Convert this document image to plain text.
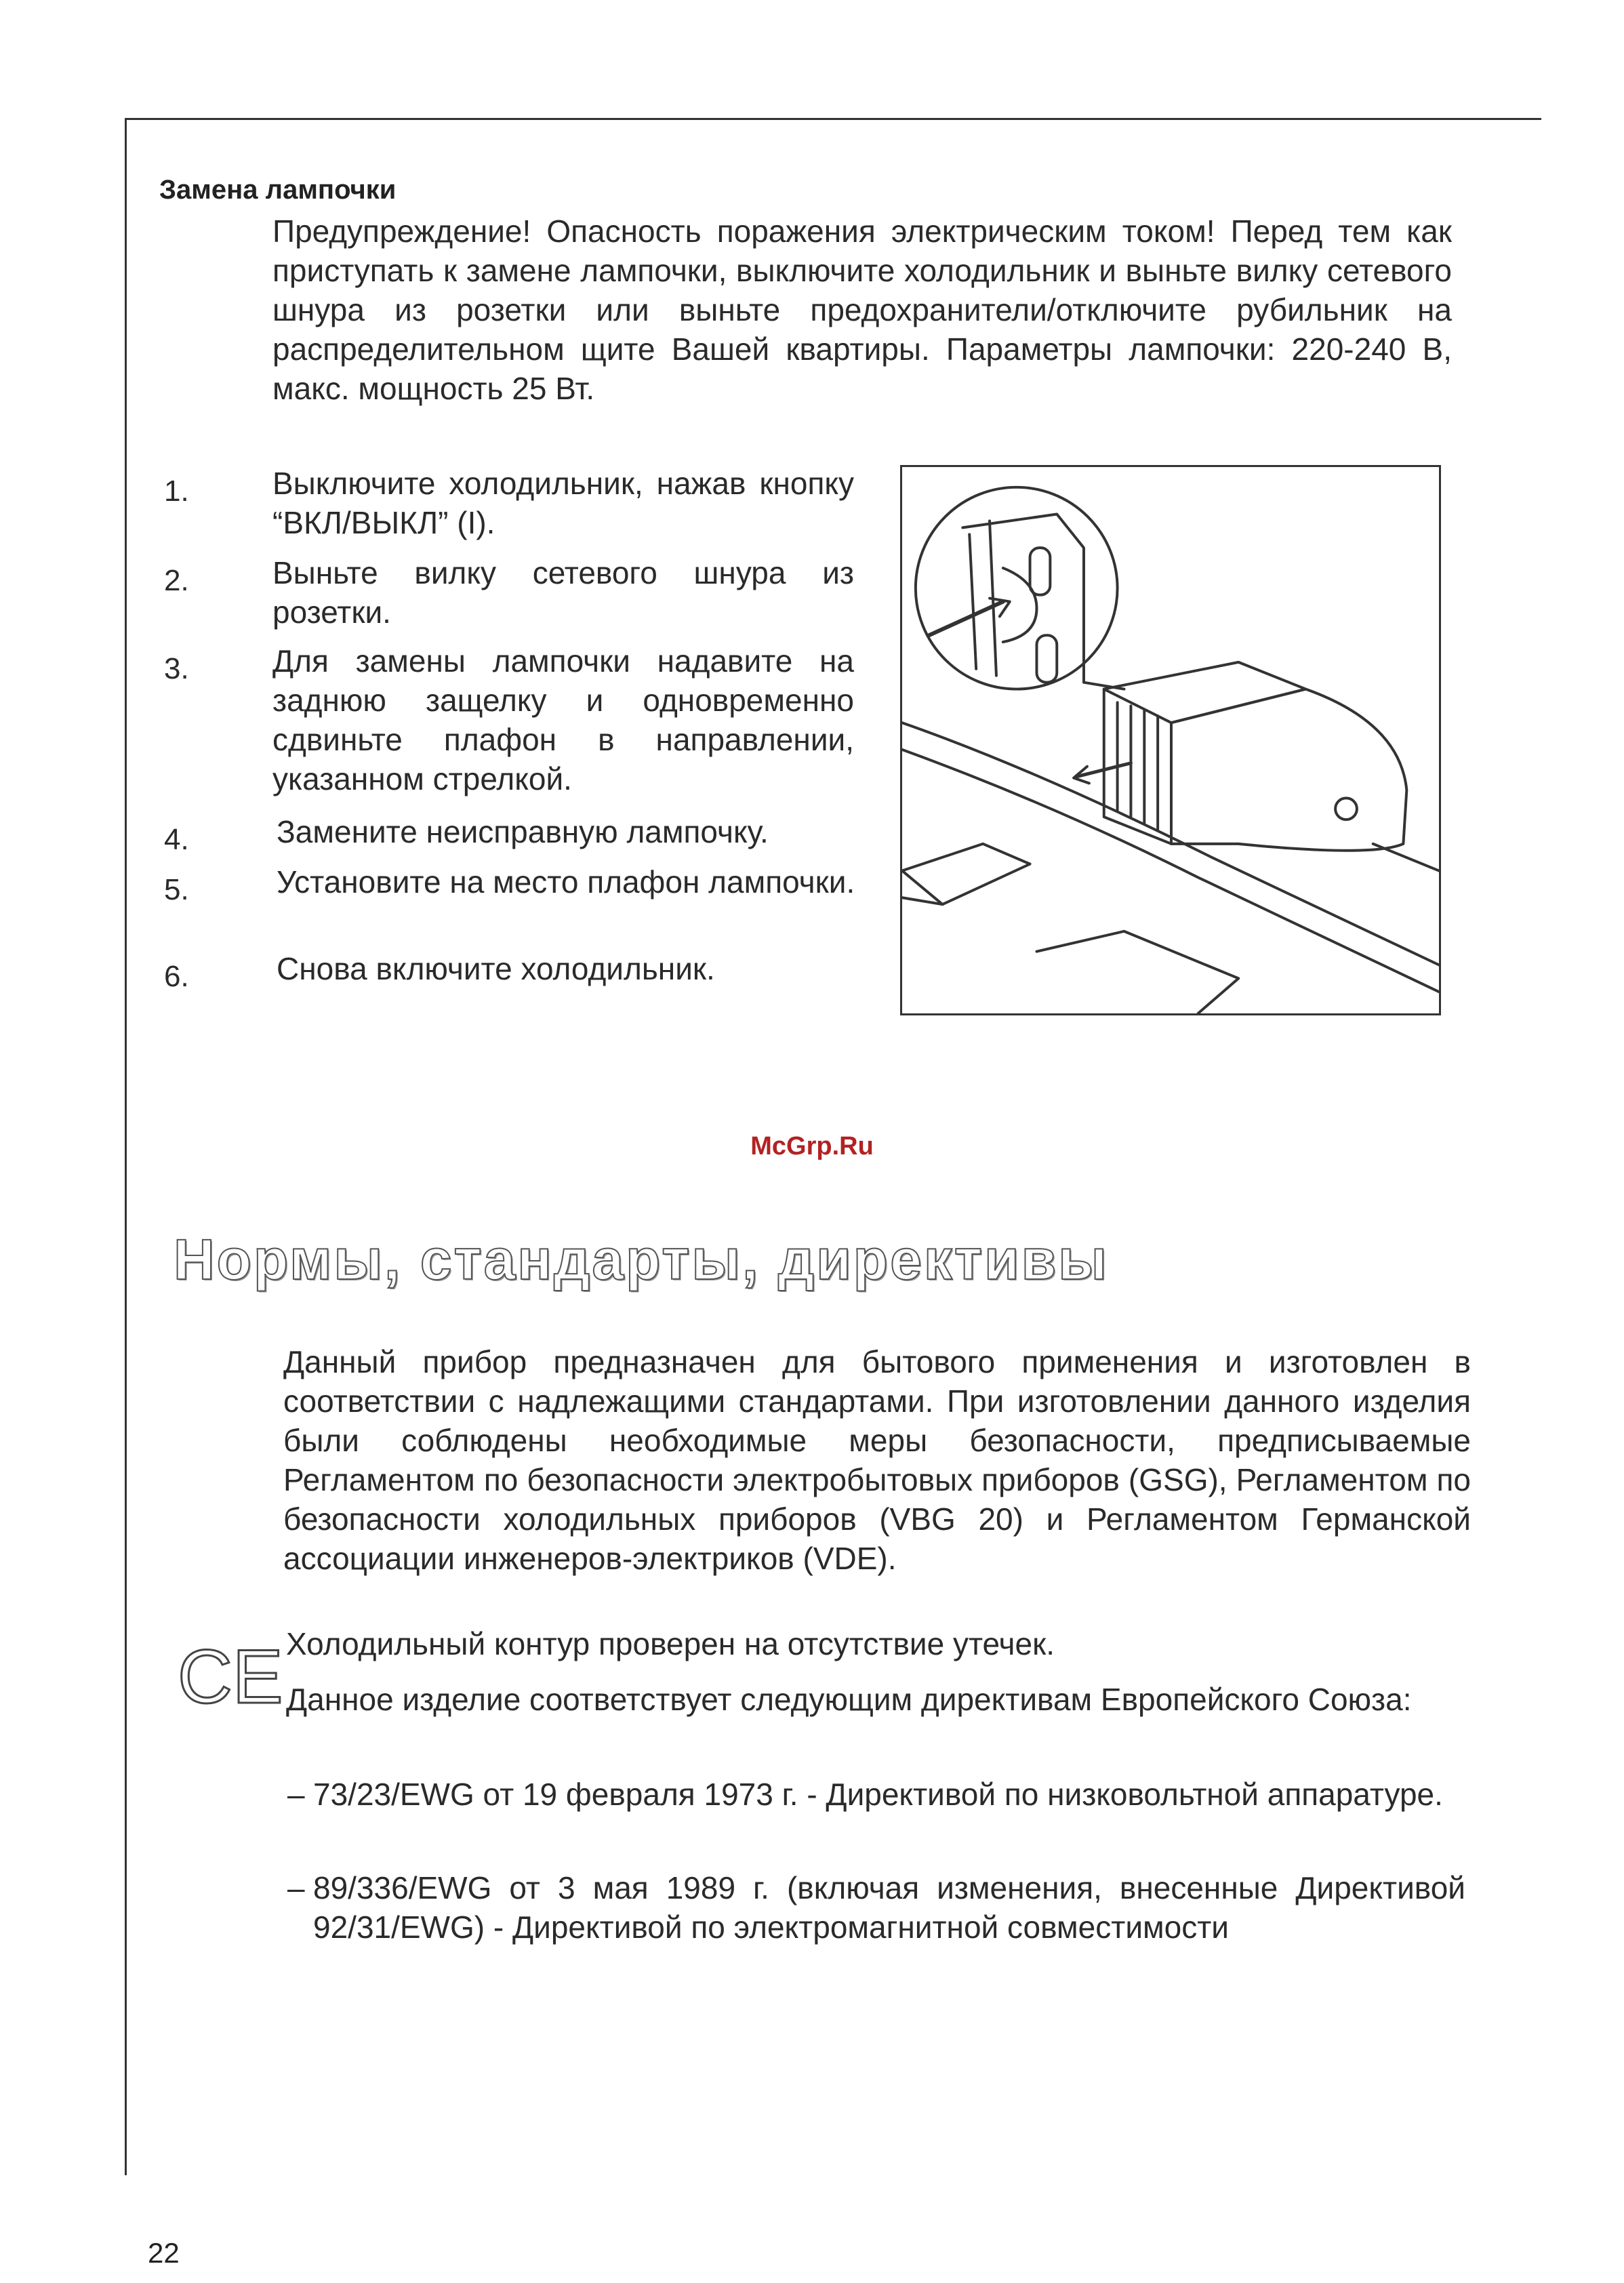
Замена лампочки
Предупреждение! Опасность поражения электрическим током! Перед тем как приступать к замене лампочки, выключите холодильник и выньте вилку сетевого шнура из розетки или выньте предохранители/отключите рубильник на распределительном щите Вашей квартиры. Параметры лампочки: 220-240 В, макс. мощность 25 Вт.
1.	Выключите холодильник, нажав кнопку “ВКЛ/ВЫКЛ” (I).
2.	Выньте вилку сетевого шнура из розетки.
3.	Для замены лампочки надавите на заднюю защелку и одновременно сдвиньте плафон в направлении, указанном стрелкой.
4.	Замените неисправную лампочку.
5.	Установите на место плафон лампочки.
6.	Снова включите холодильник.
McGrp.Ru
Нормы, стандарты, директивы
Данный прибор предназначен для бытового применения и изготовлен в соответствии с надлежащими стандартами. При изготовлении данного изделия были соблюдены необходимые меры безопасности, предписываемые Регламентом по безопасности электробытовых приборов (GSG), Регламентом по безопасности холодильных приборов (VBG 20) и Регламентом Германской ассоциации инженеров-электриков (VDE).
CE Холодильный контур проверен на отсутствие утечек.
Данное изделие соответствует следующим директивам Европейского Союза:
– 73/23/EWG от 19 февраля 1973 г. - Директивой по низковольтной аппаратуре.
– 89/336/EWG от 3 мая 1989 г. (включая изменения, внесенные Директивой 92/31/EWG) - Директивой по электромагнитной совместимости
22
